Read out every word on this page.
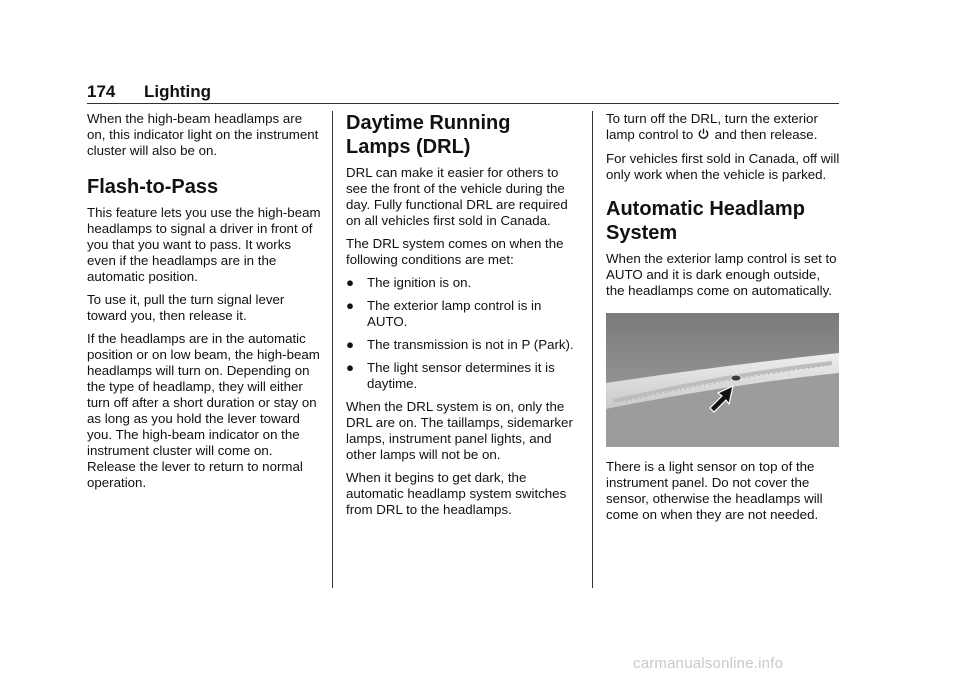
174 Lighting

When the high-beam headlamps are on, this indicator light on the instrument cluster will also be on.

Flash-to-Pass

This feature lets you use the high-beam headlamps to signal a driver in front of you that you want to pass. It works even if the headlamps are in the automatic position.

To use it, pull the turn signal lever toward you, then release it.

If the headlamps are in the automatic position or on low beam, the high-beam headlamps will turn on. Depending on the type of headlamp, they will either turn off after a short duration or stay on as long as you hold the lever toward you. The high-beam indicator on the instrument cluster will come on. Release the lever to return to normal operation.

Daytime Running Lamps (DRL)

DRL can make it easier for others to see the front of the vehicle during the day. Fully functional DRL are required on all vehicles first sold in Canada.

The DRL system comes on when the following conditions are met:

● The ignition is on.
● The exterior lamp control is in AUTO.
● The transmission is not in P (Park).
● The light sensor determines it is daytime.

When the DRL system is on, only the DRL are on. The taillamps, sidemarker lamps, instrument panel lights, and other lamps will not be on.

When it begins to get dark, the automatic headlamp system switches from DRL to the headlamps.

To turn off the DRL, turn the exterior lamp control to and then release.

For vehicles first sold in Canada, off will only work when the vehicle is parked.

Automatic Headlamp System

When the exterior lamp control is set to AUTO and it is dark enough outside, the headlamps come on automatically.

There is a light sensor on top of the instrument panel. Do not cover the sensor, otherwise the headlamps will come on when they are not needed.

carmanualsonline.info
